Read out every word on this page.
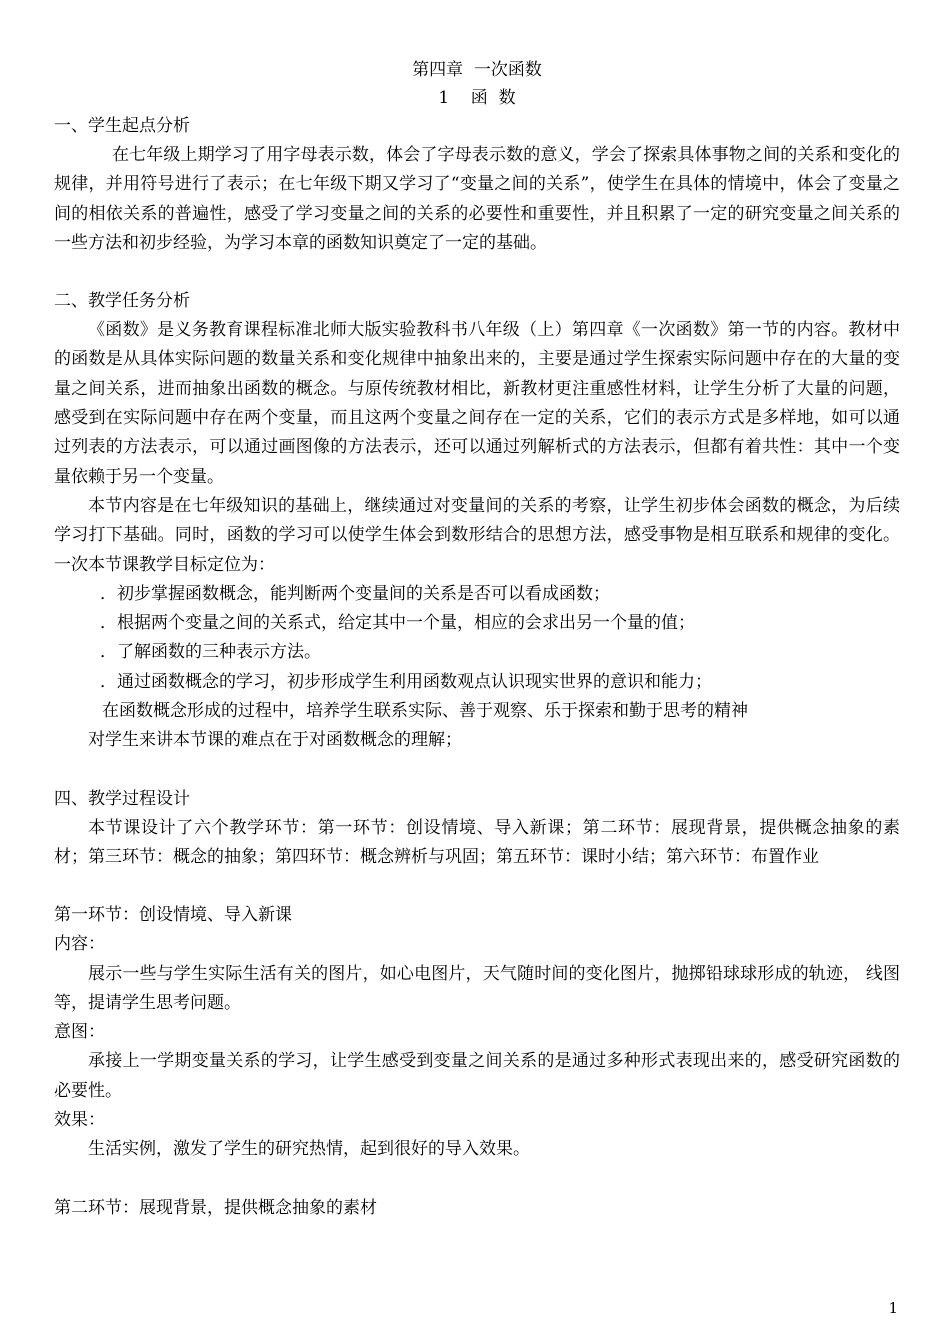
第四章  一次函数
1    函  数
一、学生起点分析

在七年级上期学习了用字母表示数，体会了字母表示数的意义，学会了探索具体事物之间的关系和变化的规律，并用符号进行了表示；在七年级下期又学习了“变量之间的关系”，使学生在具体的情境中，体会了变量之间的相依关系的普遍性，感受了学习变量之间的关系的必要性和重要性，并且积累了一定的研究变量之间关系的一些方法和初步经验，为学习本章的函数知识奠定了一定的基础。

二、教学任务分析

《函数》是义务教育课程标准北师大版实验教科书八年级（上）第四章《一次函数》第一节的内容。教材中的函数是从具体实际问题的数量关系和变化规律中抽象出来的，主要是通过学生探索实际问题中存在的大量的变量之间关系，进而抽象出函数的概念。与原传统教材相比，新教材更注重感性材料，让学生分析了大量的问题，感受到在实际问题中存在两个变量，而且这两个变量之间存在一定的关系，它们的表示方式是多样地，如可以通过列表的方法表示，可以通过画图像的方法表示，还可以通过列解析式的方法表示，但都有着共性：其中一个变量依赖于另一个变量。

本节内容是在七年级知识的基础上，继续通过对变量间的关系的考察，让学生初步体会函数的概念，为后续学习打下基础。同时，函数的学习可以使学生体会到数形结合的思想方法，感受事物是相互联系和规律的变化。一次本节课教学目标定位为：

．初步掌握函数概念，能判断两个变量间的关系是否可以看成函数；
．根据两个变量之间的关系式，给定其中一个量，相应的会求出另一个量的值；
．了解函数的三种表示方法。
．通过函数概念的学习，初步形成学生利用函数观点认识现实世界的意识和能力；
在函数概念形成的过程中，培养学生联系实际、善于观察、乐于探索和勤于思考的精神
对学生来讲本节课的难点在于对函数概念的理解；
四、教学过程设计

本节课设计了六个教学环节：第一环节：创设情境、导入新课；第二环节：展现背景，提供概念抽象的素材；第三环节：概念的抽象；第四环节：概念辨析与巩固；第五环节：课时小结；第六环节：布置作业

第一环节：创设情境、导入新课
内容：

展示一些与学生实际生活有关的图片，如心电图片，天气随时间的变化图片，抛掷铅球球形成的轨迹， 线图等，提请学生思考问题。

意图：

承接上一学期变量关系的学习，让学生感受到变量之间关系的是通过多种形式表现出来的，感受研究函数的必要性。

效果：
生活实例，激发了学生的研究热情，起到很好的导入效果。
第二环节：展现背景，提供概念抽象的素材
1
